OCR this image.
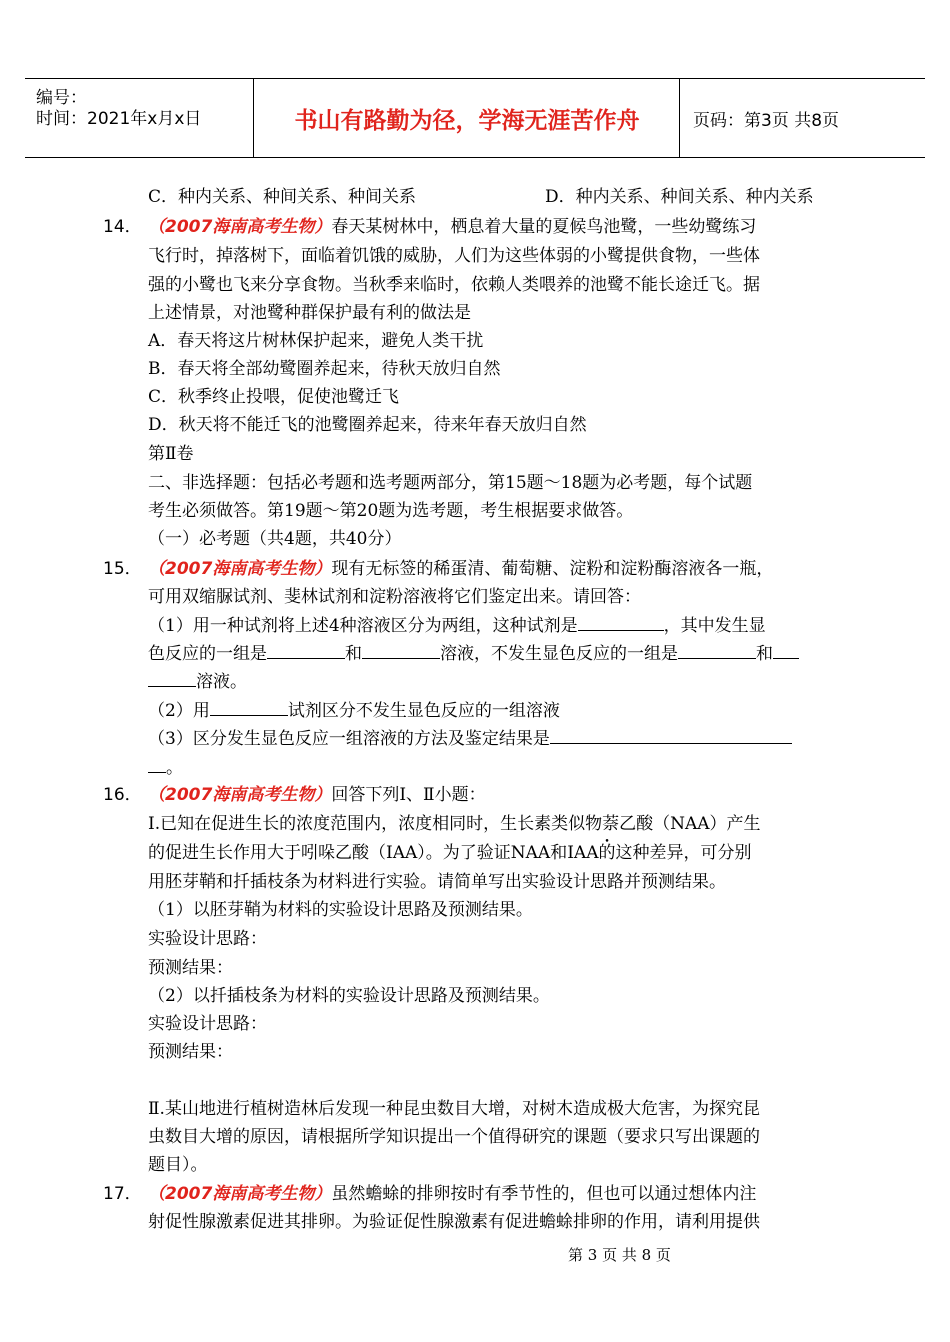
编号：
时间：2021年x月x日	书山有路勤为径，学海无涯苦作舟	页码：第3页 共8页
C．种内关系、种间关系、种间关系	D．种内关系、种间关系、种内关系
14． （2007海南高考生物）春天某树林中，栖息着大量的夏候鸟池鹭，一些幼鹭练习
飞行时，掉落树下，面临着饥饿的威胁，人们为这些体弱的小鹭提供食物，一些体
强的小鹭也飞来分享食物。当秋季来临时，依赖人类喂养的池鹭不能长途迁飞。据
上述情景，对池鹭种群保护最有利的做法是
A．春天将这片树林保护起来，避免人类干扰
B．春天将全部幼鹭圈养起来，待秋天放归自然
C．秋季终止投喂，促使池鹭迁飞
D．秋天将不能迁飞的池鹭圈养起来，待来年春天放归自然
第Ⅱ卷
二、非选择题：包括必考题和选考题两部分，第15题～18题为必考题，每个试题
考生必须做答。第19题～第20题为选考题，考生根据要求做答。
（一）必考题（共4题，共40分）
15． （2007海南高考生物）现有无标签的稀蛋清、葡萄糖、淀粉和淀粉酶溶液各一瓶，
可用双缩脲试剂、斐林试剂和淀粉溶液将它们鉴定出来。请回答：
（1）用一种试剂将上述4种溶液区分为两组，这种试剂是	，其中发生显
色反应的一组是	和	溶液，不发生显色反应的一组是	和
溶液。
（2）用	试剂区分不发生显色反应的一组溶液
（3）区分发生显色反应一组溶液的方法及鉴定结果是
。
16． （2007海南高考生物）回答下列Ⅰ、Ⅱ小题：
Ⅰ.已知在促进生长的浓度范围内，浓度相同时，生长素类似物萘乙酸（NAA）产生
的促进生长作用大于吲哚乙酸（IAA）。为了验证NAA和IAA的这种差异，可分别
用胚芽鞘和扦插枝条为材料进行实验。请简单写出实验设计思路并预测结果。
（1）以胚芽鞘为材料的实验设计思路及预测结果。
实验设计思路：
预测结果：
（2）以扦插枝条为材料的实验设计思路及预测结果。
实验设计思路：
预测结果：
Ⅱ.某山地进行植树造林后发现一种昆虫数目大增，对树木造成极大危害，为探究昆
虫数目大增的原因，请根据所学知识提出一个值得研究的课题（要求只写出课题的
题目）。
17． （2007海南高考生物）虽然蟾蜍的排卵按时有季节性的，但也可以通过想体内注
射促性腺激素促进其排卵。为验证促性腺激素有促进蟾蜍排卵的作用，请利用提供
第 3 页 共 8 页
